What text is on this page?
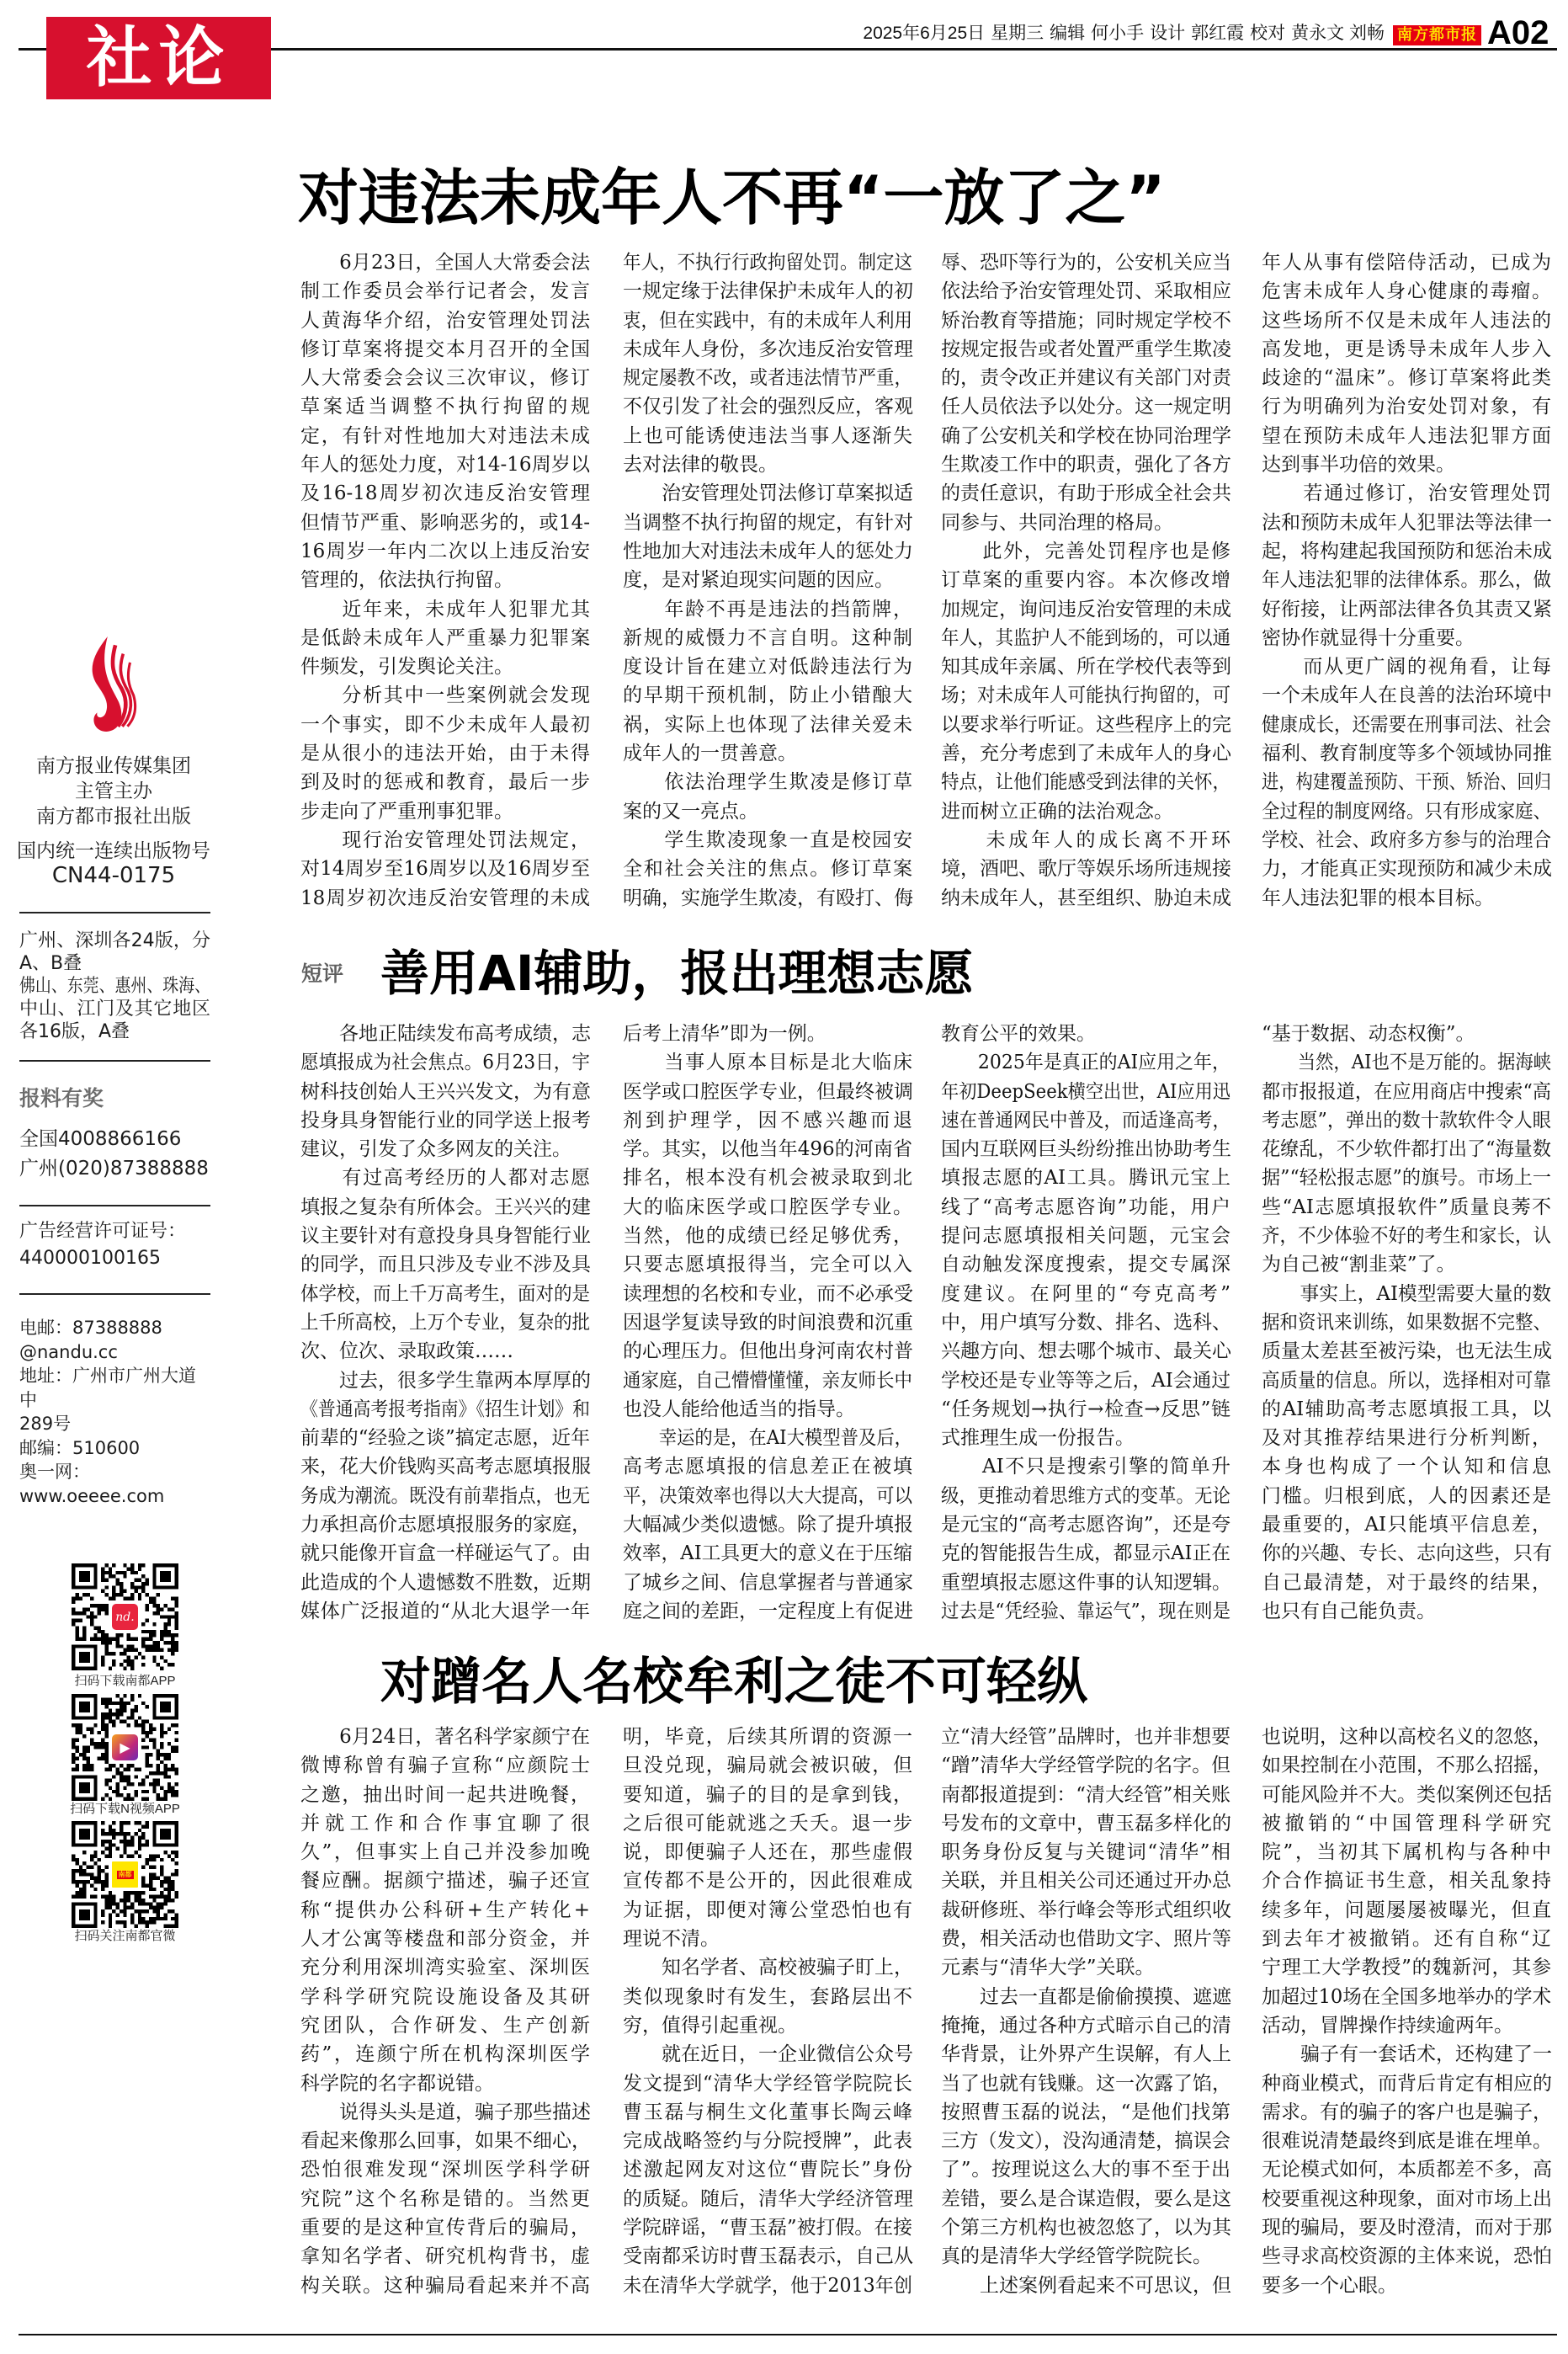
社论	2025年6月25日 星期三 编辑 何小手 设计 郭红霞 校对 黄永文 刘畅 南方都市报 A02
南方报业传媒集团
主管主办
南方都市报社出版
国内统一连续出版物号
CN44-0175
广州、深圳各24版，分
A、B叠
佛山、东莞、惠州、珠海、
中山、江门及其它地区
各16版，A叠
报料有奖
全国4008866166
广州(020)87388888
广告经营许可证号：
440000100165
电邮：87388888
@nandu.cc
地址：广州市广州大道中
289号
邮编：510600
奥一网：
www.oeeee.com
nd.
扫码下载南都APP
▶
扫码下载N视频APP
南都
扫码关注南都官微
对违法未成年人不再“一放了之”
　　6月23日，全国人大常委会法
制工作委员会举行记者会，发言
人黄海华介绍，治安管理处罚法
修订草案将提交本月召开的全国
人大常委会会议三次审议，修订
草案适当调整不执行拘留的规
定，有针对性地加大对违法未成
年人的惩处力度，对14-16周岁以
及16-18周岁初次违反治安管理
但情节严重、影响恶劣的，或14-
16周岁一年内二次以上违反治安
管理的，依法执行拘留。
　　近年来，未成年人犯罪尤其
是低龄未成年人严重暴力犯罪案
件频发，引发舆论关注。
　　分析其中一些案例就会发现
一个事实，即不少未成年人最初
是从很小的违法开始，由于未得
到及时的惩戒和教育，最后一步
步走向了严重刑事犯罪。
　　现行治安管理处罚法规定，
对14周岁至16周岁以及16周岁至
18周岁初次违反治安管理的未成
年人，不执行行政拘留处罚。制定这
一规定缘于法律保护未成年人的初
衷，但在实践中，有的未成年人利用
未成年人身份，多次违反治安管理
规定屡教不改，或者违法情节严重，
不仅引发了社会的强烈反应，客观
上也可能诱使违法当事人逐渐失
去对法律的敬畏。
　　治安管理处罚法修订草案拟适
当调整不执行拘留的规定，有针对
性地加大对违法未成年人的惩处力
度，是对紧迫现实问题的因应。
　　年龄不再是违法的挡箭牌，
新规的威慑力不言自明。这种制
度设计旨在建立对低龄违法行为
的早期干预机制，防止小错酿大
祸，实际上也体现了法律关爱未
成年人的一贯善意。
　　依法治理学生欺凌是修订草
案的又一亮点。
　　学生欺凌现象一直是校园安
全和社会关注的焦点。修订草案
明确，实施学生欺凌，有殴打、侮
辱、恐吓等行为的，公安机关应当
依法给予治安管理处罚、采取相应
矫治教育等措施；同时规定学校不
按规定报告或者处置严重学生欺凌
的，责令改正并建议有关部门对责
任人员依法予以处分。这一规定明
确了公安机关和学校在协同治理学
生欺凌工作中的职责，强化了各方
的责任意识，有助于形成全社会共
同参与、共同治理的格局。
　　此外，完善处罚程序也是修
订草案的重要内容。本次修改增
加规定，询问违反治安管理的未成
年人，其监护人不能到场的，可以通
知其成年亲属、所在学校代表等到
场；对未成年人可能执行拘留的，可
以要求举行听证。这些程序上的完
善，充分考虑到了未成年人的身心
特点，让他们能感受到法律的关怀，
进而树立正确的法治观念。
　　未成年人的成长离不开环
境，酒吧、歌厅等娱乐场所违规接
纳未成年人，甚至组织、胁迫未成
年人从事有偿陪侍活动，已成为
危害未成年人身心健康的毒瘤。
这些场所不仅是未成年人违法的
高发地，更是诱导未成年人步入
歧途的“温床”。修订草案将此类
行为明确列为治安处罚对象，有
望在预防未成年人违法犯罪方面
达到事半功倍的效果。
　　若通过修订，治安管理处罚
法和预防未成年人犯罪法等法律一
起，将构建起我国预防和惩治未成
年人违法犯罪的法律体系。那么，做
好衔接，让两部法律各负其责又紧
密协作就显得十分重要。
　　而从更广阔的视角看，让每
一个未成年人在良善的法治环境中
健康成长，还需要在刑事司法、社会
福利、教育制度等多个领域协同推
进，构建覆盖预防、干预、矫治、回归
全过程的制度网络。只有形成家庭、
学校、社会、政府多方参与的治理合
力，才能真正实现预防和减少未成
年人违法犯罪的根本目标。
短评 善用AI辅助，报出理想志愿
　　各地正陆续发布高考成绩，志
愿填报成为社会焦点。6月23日，宇
树科技创始人王兴兴发文，为有意
投身具身智能行业的同学送上报考
建议，引发了众多网友的关注。
　　有过高考经历的人都对志愿
填报之复杂有所体会。王兴兴的建
议主要针对有意投身具身智能行业
的同学，而且只涉及专业不涉及具
体学校，而上千万高考生，面对的是
上千所高校，上万个专业，复杂的批
次、位次、录取政策……
　　过去，很多学生靠两本厚厚的
《普通高考报考指南》《招生计划》和
前辈的“经验之谈”搞定志愿，近年
来，花大价钱购买高考志愿填报服
务成为潮流。既没有前辈指点，也无
力承担高价志愿填报服务的家庭，
就只能像开盲盒一样碰运气了。由
此造成的个人遗憾数不胜数，近期
媒体广泛报道的“从北大退学一年
后考上清华”即为一例。
　　当事人原本目标是北大临床
医学或口腔医学专业，但最终被调
剂到护理学，因不感兴趣而退
学。其实，以他当年496的河南省
排名，根本没有机会被录取到北
大的临床医学或口腔医学专业。
当然，他的成绩已经足够优秀，
只要志愿填报得当，完全可以入
读理想的名校和专业，而不必承受
因退学复读导致的时间浪费和沉重
的心理压力。但他出身河南农村普
通家庭，自己懵懵懂懂，亲友师长中
也没人能给他适当的指导。
　　幸运的是，在AI大模型普及后，
高考志愿填报的信息差正在被填
平，决策效率也得以大大提高，可以
大幅减少类似遗憾。除了提升填报
效率，AI工具更大的意义在于压缩
了城乡之间、信息掌握者与普通家
庭之间的差距，一定程度上有促进
教育公平的效果。
　　2025年是真正的AI应用之年，
年初DeepSeek横空出世，AI应用迅
速在普通网民中普及，而适逢高考，
国内互联网巨头纷纷推出协助考生
填报志愿的AI工具。腾讯元宝上
线了“高考志愿咨询”功能，用户
提问志愿填报相关问题，元宝会
自动触发深度搜索，提交专属深
度建议。在阿里的“夸克高考”
中，用户填写分数、排名、选科、
兴趣方向、想去哪个城市、最关心
学校还是专业等等之后，AI会通过
“任务规划→执行→检查→反思”链
式推理生成一份报告。
　　AI不只是搜索引擎的简单升
级，更推动着思维方式的变革。无论
是元宝的“高考志愿咨询”，还是夸
克的智能报告生成，都显示AI正在
重塑填报志愿这件事的认知逻辑。
过去是“凭经验、靠运气”，现在则是
“基于数据、动态权衡”。
　　当然，AI也不是万能的。据海峡
都市报报道，在应用商店中搜索“高
考志愿”，弹出的数十款软件令人眼
花缭乱，不少软件都打出了“海量数
据”“轻松报志愿”的旗号。市场上一
些“AI志愿填报软件”质量良莠不
齐，不少体验不好的考生和家长，认
为自己被“割韭菜”了。
　　事实上，AI模型需要大量的数
据和资讯来训练，如果数据不完整、
质量太差甚至被污染，也无法生成
高质量的信息。所以，选择相对可靠
的AI辅助高考志愿填报工具，以
及对其推荐结果进行分析判断，
本身也构成了一个认知和信息
门槛。归根到底，人的因素还是
最重要的，AI只能填平信息差，
你的兴趣、专长、志向这些，只有
自己最清楚，对于最终的结果，
也只有自己能负责。
对蹭名人名校牟利之徒不可轻纵
　　6月24日，著名科学家颜宁在
微博称曾有骗子宣称“应颜院士
之邀，抽出时间一起共进晚餐，
并就工作和合作事宜聊了很
久”，但事实上自己并没参加晚
餐应酬。据颜宁描述，骗子还宣
称“提供办公科研+生产转化+
人才公寓等楼盘和部分资金，并
充分利用深圳湾实验室、深圳医
学科学研究院设施设备及其研
究团队，合作研发、生产创新
药”，连颜宁所在机构深圳医学
科学院的名字都说错。
　　说得头头是道，骗子那些描述
看起来像那么回事，如果不细心，
恐怕很难发现“深圳医学科学研
究院”这个名称是错的。当然更
重要的是这种宣传背后的骗局，
拿知名学者、研究机构背书，虚
构关联。这种骗局看起来并不高
明，毕竟，后续其所谓的资源一
旦没兑现，骗局就会被识破，但
要知道，骗子的目的是拿到钱，
之后很可能就逃之夭夭。退一步
说，即便骗子人还在，那些虚假
宣传都不是公开的，因此很难成
为证据，即便对簿公堂恐怕也有
理说不清。
　　知名学者、高校被骗子盯上，
类似现象时有发生，套路层出不
穷，值得引起重视。
　　就在近日，一企业微信公众号
发文提到“清华大学经管学院院长
曹玉磊与桐生文化董事长陶云峰
完成战略签约与分院授牌”，此表
述激起网友对这位“曹院长”身份
的质疑。随后，清华大学经济管理
学院辟谣，“曹玉磊”被打假。在接
受南都采访时曹玉磊表示，自己从
未在清华大学就学，他于2013年创
立“清大经管”品牌时，也并非想要
“蹭”清华大学经管学院的名字。但
南都报道提到：“清大经管”相关账
号发布的文章中，曹玉磊多样化的
职务身份反复与关键词“清华”相
关联，并且相关公司还通过开办总
裁研修班、举行峰会等形式组织收
费，相关活动也借助文字、照片等
元素与“清华大学”关联。
　　过去一直都是偷偷摸摸、遮遮
掩掩，通过各种方式暗示自己的清
华背景，让外界产生误解，有人上
当了也就有钱赚。这一次露了馅，
按照曹玉磊的说法，“是他们找第
三方（发文），没沟通清楚，搞误会
了”。按理说这么大的事不至于出
差错，要么是合谋造假，要么是这
个第三方机构也被忽悠了，以为其
真的是清华大学经管学院院长。
　　上述案例看起来不可思议，但
也说明，这种以高校名义的忽悠，
如果控制在小范围，不那么招摇，
可能风险并不大。类似案例还包括
被撤销的“中国管理科学研究
院”，当初其下属机构与各种中
介合作搞证书生意，相关乱象持
续多年，问题屡屡被曝光，但直
到去年才被撤销。还有自称“辽
宁理工大学教授”的魏新河，其参
加超过10场在全国多地举办的学术
活动，冒牌操作持续逾两年。
　　骗子有一套话术，还构建了一
种商业模式，而背后肯定有相应的
需求。有的骗子的客户也是骗子，
很难说清楚最终到底是谁在埋单。
无论模式如何，本质都差不多，高
校要重视这种现象，面对市场上出
现的骗局，要及时澄清，而对于那
些寻求高校资源的主体来说，恐怕
要多一个心眼。
